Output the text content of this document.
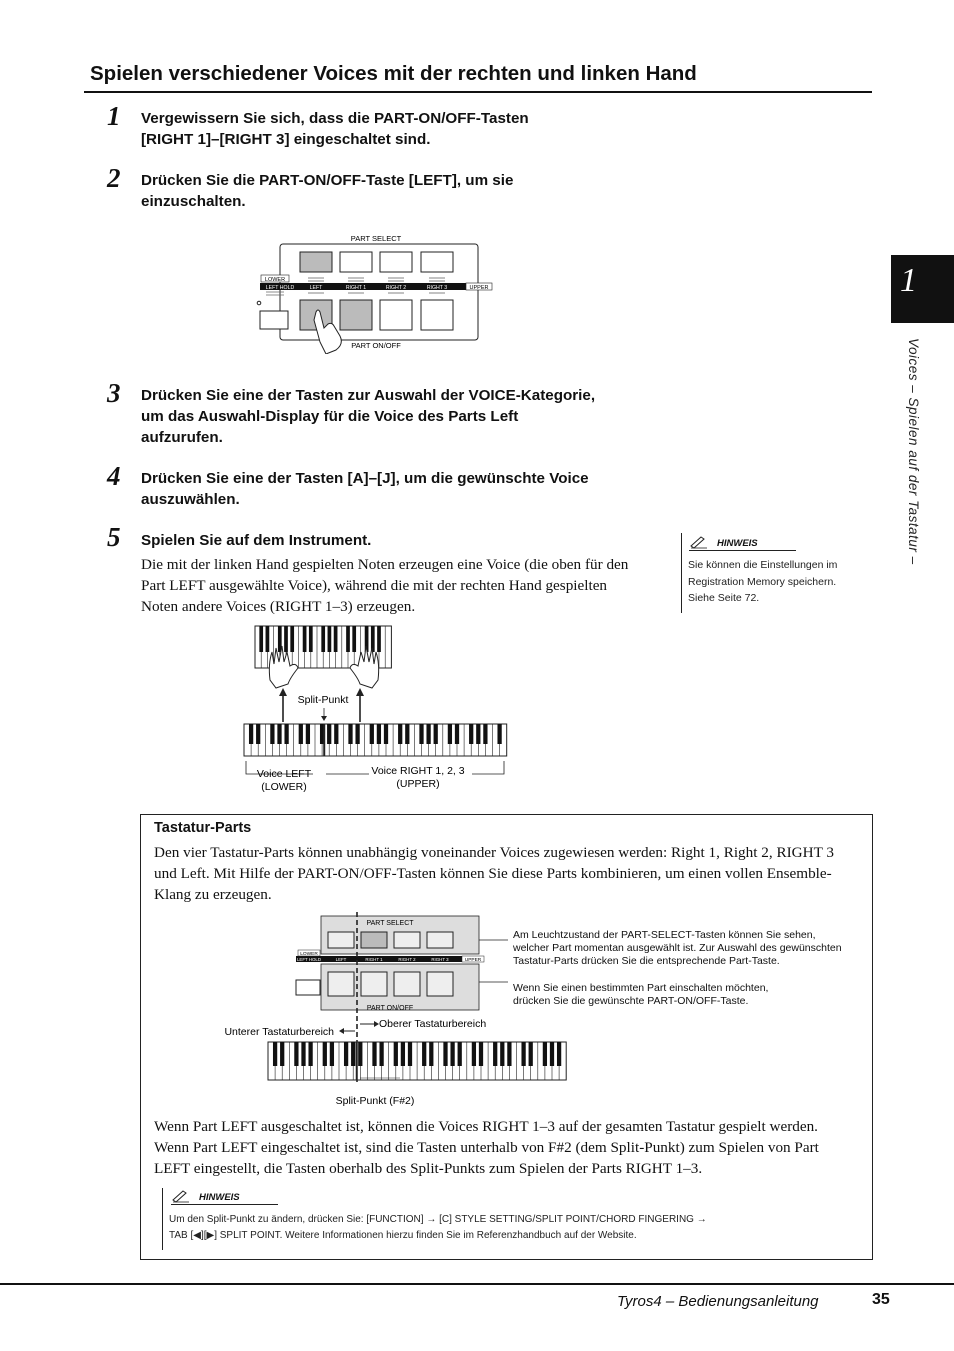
Spielen verschiedener Voices mit der rechten und linken Hand
1
Voices – Spielen auf der Tastatur –
1 Vergewissern Sie sich, dass die PART-ON/OFF-Tasten
[RIGHT 1]–[RIGHT 3] eingeschaltet sind.
2 Drücken Sie die PART-ON/OFF-Taste [LEFT], um sie
einzuschalten.
PART SELECT
PART ON/OFF
LOWER
UPPER
LEFT HOLD	LEFT	RIGHT 1	RIGHT 2	RIGHT 3
3 Drücken Sie eine der Tasten zur Auswahl der VOICE-Kategorie,
um das Auswahl-Display für die Voice des Parts Left
aufzurufen.
4 Drücken Sie eine der Tasten [A]–[J], um die gewünschte Voice
auszuwählen.
5 Spielen Sie auf dem Instrument.
Die mit der linken Hand gespielten Noten erzeugen eine Voice (die oben für den
Part LEFT ausgewählte Voice), während die mit der rechten Hand gespielten
Noten andere Voices (RIGHT 1–3) erzeugen.
HINWEIS
Sie können die Einstellungen im
Registration Memory speichern.
Siehe Seite 72.
Split-Punkt
Voice LEFT
(LOWER)
Voice RIGHT 1, 2, 3
(UPPER)
Tastatur-Parts
Den vier Tastatur-Parts können unabhängig voneinander Voices zugewiesen werden: Right 1, Right 2, RIGHT 3
und Left. Mit Hilfe der PART-ON/OFF-Tasten können Sie diese Parts kombinieren, um einen vollen Ensemble-
Klang zu erzeugen.
PART SELECT
PART ON/OFF
LOWER
UPPER
LEFT HOLD	LEFT	RIGHT 1	RIGHT 2	RIGHT 3
Unterer Tastaturbereich
Oberer Tastaturbereich
Split-Punkt (F#2)
Am Leuchtzustand der PART-SELECT-Tasten können Sie sehen,
welcher Part momentan ausgewählt ist. Zur Auswahl des gewünschten
Tastatur-Parts drücken Sie die entsprechende Part-Taste.
Wenn Sie einen bestimmten Part einschalten möchten,
drücken Sie die gewünschte PART-ON/OFF-Taste.
Wenn Part LEFT ausgeschaltet ist, können die Voices RIGHT 1–3 auf der gesamten Tastatur gespielt werden.
Wenn Part LEFT eingeschaltet ist, sind die Tasten unterhalb von F#2 (dem Split-Punkt) zum Spielen von Part
LEFT eingestellt, die Tasten oberhalb des Split-Punkts zum Spielen der Parts RIGHT 1–3.
HINWEIS
Um den Split-Punkt zu ändern, drücken Sie: [FUNCTION] → [C] STYLE SETTING/SPLIT POINT/CHORD FINGERING →
TAB [◀][▶] SPLIT POINT. Weitere Informationen hierzu finden Sie im Referenzhandbuch auf der Website.
Tyros4 – Bedienungsanleitung	35
